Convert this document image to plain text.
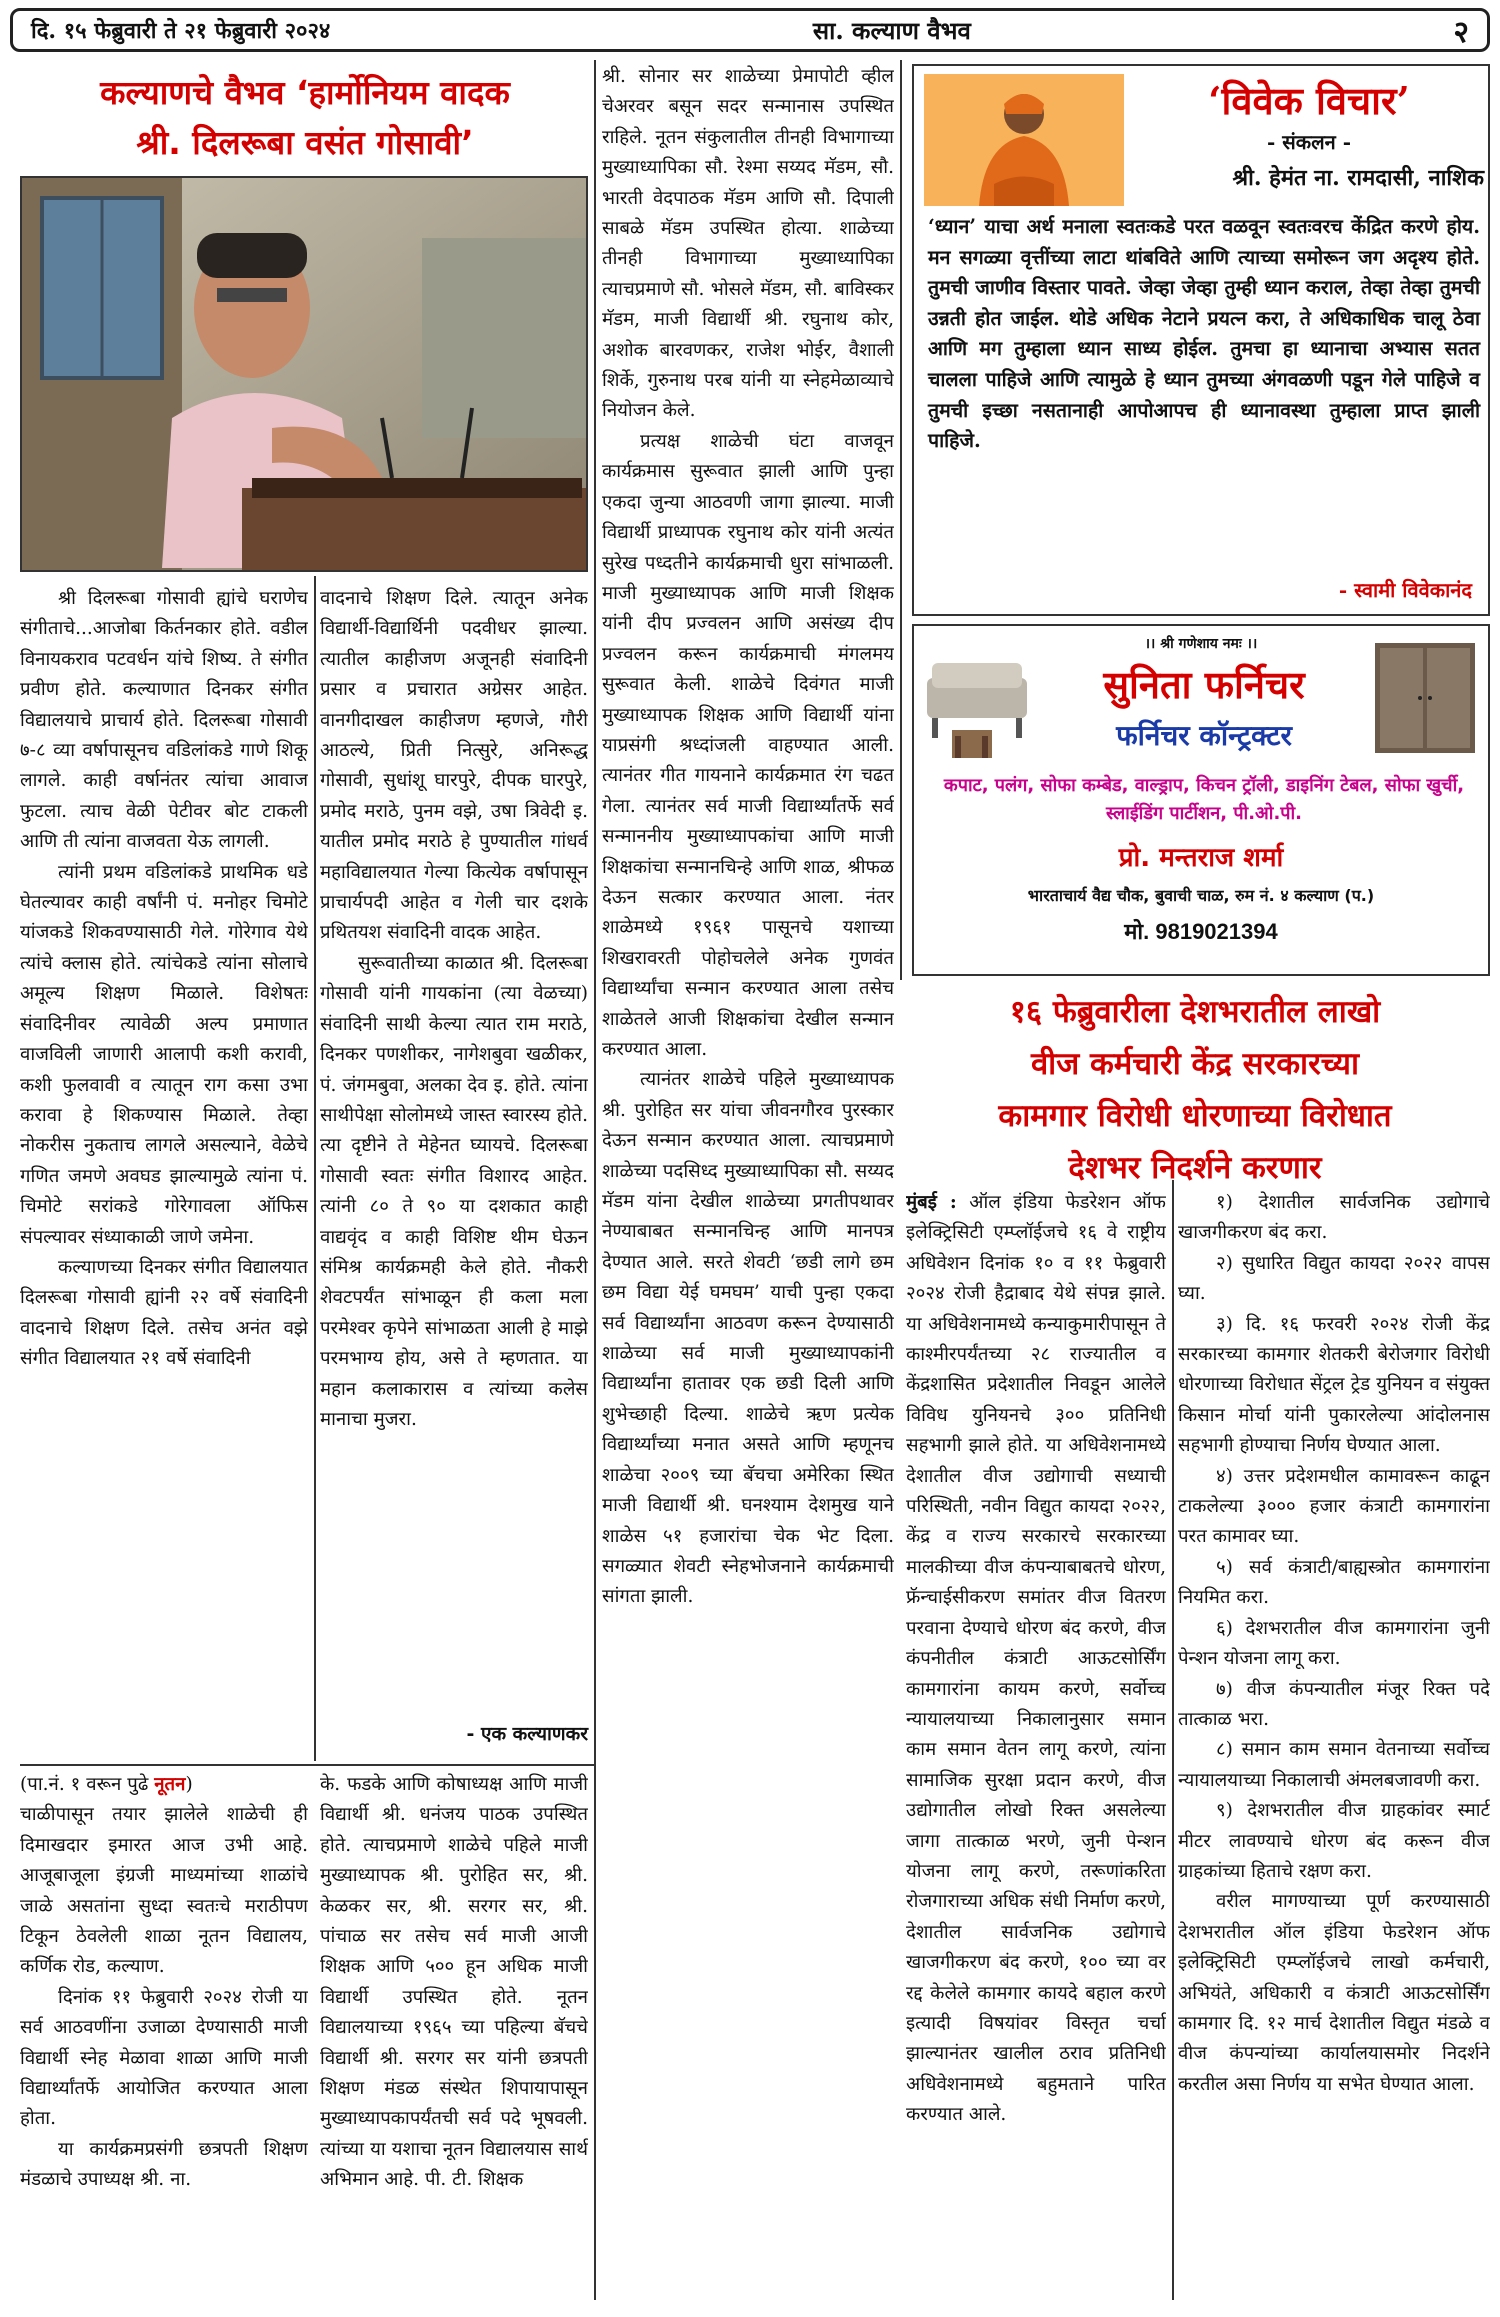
दि. १५ फेब्रुवारी ते २१ फेब्रुवारी २०२४	सा. कल्याण वैभव	२
कल्याणचे वैभव ‘हार्मोनियम वादक
श्री. दिलरूबा वसंत गोसावी’

श्री दिलरूबा गोसावी ह्यांचे घराणेच संगीताचे...आजोबा किर्तनकार होते. वडील विनायकराव पटवर्धन यांचे शिष्य. ते संगीत प्रवीण होते. कल्याणात दिनकर संगीत विद्यालयाचे प्राचार्य होते. दिलरूबा गोसावी ७-८ व्या वर्षापासूनच वडिलांकडे गाणे शिकू लागले. काही वर्षानंतर त्यांचा आवाज फुटला. त्याच वेळी पेटीवर बोट टाकली आणि ती त्यांना वाजवता येऊ लागली.

त्यांनी प्रथम वडिलांकडे प्राथमिक धडे घेतल्यावर काही वर्षांनी पं. मनोहर चिमोटे यांजकडे शिकवण्यासाठी गेले. गोरेगाव येथे त्यांचे क्लास होते. त्यांचेकडे त्यांना सोलाचे अमूल्य शिक्षण मिळाले. विशेषतः संवादिनीवर त्यावेळी अल्प प्रमाणात वाजविली जाणारी आलापी कशी करावी, कशी फुलवावी व त्यातून राग कसा उभा करावा हे शिकण्यास मिळाले. तेव्हा नोकरीस नुकताच लागले असल्याने, वेळेचे गणित जमणे अवघड झाल्यामुळे त्यांना पं. चिमोटे सरांकडे गोरेगावला ऑफिस संपल्यावर संध्याकाळी जाणे जमेना.

कल्याणच्या दिनकर संगीत विद्यालयात दिलरूबा गोसावी ह्यांनी २२ वर्षे संवादिनी वादनाचे शिक्षण दिले. तसेच अनंत वझे संगीत विद्यालयात २१ वर्षे संवादिनी

वादनाचे शिक्षण दिले. त्यातून अनेक विद्यार्थी-विद्यार्थिनी पदवीधर झाल्या. त्यातील काहीजण अजूनही संवादिनी प्रसार व प्रचारात अग्रेसर आहेत. वानगीदाखल काहीजण म्हणजे, गौरी आठल्ये, प्रिती नित्सुरे, अनिरूद्ध गोसावी, सुधांशू घारपुरे, दीपक घारपुरे, प्रमोद मराठे, पुनम वझे, उषा त्रिवेदी इ. यातील प्रमोद मराठे हे पुण्यातील गांधर्व महाविद्यालयात गेल्या कित्येक वर्षापासून प्राचार्यपदी आहेत व गेली चार दशके प्रथितयश संवादिनी वादक आहेत.

सुरूवातीच्या काळात श्री. दिलरूबा गोसावी यांनी गायकांना (त्या वेळच्या) संवादिनी साथी केल्या त्यात राम मराठे, दिनकर पणशीकर, नागेशबुवा खळीकर, पं. जंगमबुवा, अलका देव इ. होते. त्यांना साथीपेक्षा सोलोमध्ये जास्त स्वारस्य होते. त्या दृष्टीने ते मेहेनत घ्यायचे. दिलरूबा गोसावी स्वतः संगीत विशारद आहेत. त्यांनी ८० ते ९० या दशकात काही वाद्यवृंद व काही विशिष्ट थीम घेऊन संमिश्र कार्यक्रमही केले होते. नौकरी शेवटपर्यंत सांभाळून ही कला मला परमेश्वर कृपेने सांभाळता आली हे माझे परमभाग्य होय, असे ते म्हणतात. या महान कलाकारास व त्यांच्या कलेस मानाचा मुजरा.

- एक कल्याणकर

(पा.नं. १ वरून पुढे नूतन)

चाळीपासून तयार झालेले शाळेची ही दिमाखदार इमारत आज उभी आहे. आजूबाजूला इंग्रजी माध्यमांच्या शाळांचे जाळे असतांना सुध्दा स्वतःचे मराठीपण टिकून ठेवलेली शाळा नूतन विद्यालय, कर्णिक रोड, कल्याण.

दिनांक ११ फेब्रुवारी २०२४ रोजी या सर्व आठवणींना उजाळा देण्यासाठी माजी विद्यार्थी स्नेह मेळावा शाळा आणि माजी विद्यार्थ्यांतर्फे आयोजित करण्यात आला होता.

या कार्यक्रमप्रसंगी छत्रपती शिक्षण मंडळाचे उपाध्यक्ष श्री. ना.

के. फडके आणि कोषाध्यक्ष आणि माजी विद्यार्थी श्री. धनंजय पाठक उपस्थित होते. त्याचप्रमाणे शाळेचे पहिले माजी मुख्याध्यापक श्री. पुरोहित सर, श्री. केळकर सर, श्री. सरगर सर, श्री. पांचाळ सर तसेच सर्व माजी आजी शिक्षक आणि ५०० हून अधिक माजी विद्यार्थी उपस्थित होते. नूतन विद्यालयाच्या १९६५ च्या पहिल्या बॅचचे विद्यार्थी श्री. सरगर सर यांनी छत्रपती शिक्षण मंडळ संस्थेत शिपायापासून मुख्याध्यापकापर्यंतची सर्व पदे भूषवली. त्यांच्या या यशाचा नूतन विद्यालयास सार्थ अभिमान आहे. पी. टी. शिक्षक

श्री. सोनार सर शाळेच्या प्रेमापोटी व्हील चेअरवर बसून सदर सन्मानास उपस्थित राहिले. नूतन संकुलातील तीनही विभागाच्या मुख्याध्यापिका सौ. रेश्मा सय्यद मॅडम, सौ. भारती वेदपाठक मॅडम आणि सौ. दिपाली साबळे मॅडम उपस्थित होत्या. शाळेच्या तीनही विभागाच्या मुख्याध्यापिका त्याचप्रमाणे सौ. भोसले मॅडम, सौ. बाविस्कर मॅडम, माजी विद्यार्थी श्री. रघुनाथ कोर, अशोक बारवणकर, राजेश भोईर, वैशाली शिर्के, गुरुनाथ परब यांनी या स्नेहमेळाव्याचे नियोजन केले.

प्रत्यक्ष शाळेची घंटा वाजवून कार्यक्रमास सुरूवात झाली आणि पुन्हा एकदा जुन्या आठवणी जागा झाल्या. माजी विद्यार्थी प्राध्यापक रघुनाथ कोर यांनी अत्यंत सुरेख पध्दतीने कार्यक्रमाची धुरा सांभाळली. माजी मुख्याध्यापक आणि माजी शिक्षक यांनी दीप प्रज्वलन आणि असंख्य दीप प्रज्वलन करून कार्यक्रमाची मंगलमय सुरूवात केली. शाळेचे दिवंगत माजी मुख्याध्यापक शिक्षक आणि विद्यार्थी यांना याप्रसंगी श्रध्दांजली वाहण्यात आली. त्यानंतर गीत गायनाने कार्यक्रमात रंग चढत गेला. त्यानंतर सर्व माजी विद्यार्थ्यांतर्फे सर्व सन्माननीय मुख्याध्यापकांचा आणि माजी शिक्षकांचा सन्मानचिन्हे आणि शाळ, श्रीफळ देऊन सत्कार करण्यात आला. नंतर शाळेमध्ये १९६१ पासूनचे यशाच्या शिखरावरती पोहोचलेले अनेक गुणवंत विद्यार्थ्यांचा सन्मान करण्यात आला तसेच शाळेतले आजी शिक्षकांचा देखील सन्मान करण्यात आला.

त्यानंतर शाळेचे पहिले मुख्याध्यापक श्री. पुरोहित सर यांचा जीवनगौरव पुरस्कार देऊन सन्मान करण्यात आला. त्याचप्रमाणे शाळेच्या पदसिध्द मुख्याध्यापिका सौ. सय्यद मॅडम यांना देखील शाळेच्या प्रगतीपथावर नेण्याबाबत सन्मानचिन्ह आणि मानपत्र देण्यात आले. सरते शेवटी ‘छडी लागे छम छम विद्या येई घमघम’ याची पुन्हा एकदा सर्व विद्यार्थ्यांना आठवण करून देण्यासाठी शाळेच्या सर्व माजी मुख्याध्यापकांनी विद्यार्थ्यांना हातावर एक छडी दिली आणि शुभेच्छाही दिल्या. शाळेचे ऋण प्रत्येक विद्यार्थ्यांच्या मनात असते आणि म्हणूनच शाळेचा २००९ च्या बॅचचा अमेरिका स्थित माजी विद्यार्थी श्री. घनश्याम देशमुख याने शाळेस ५१ हजारांचा चेक भेट दिला. सगळ्यात शेवटी स्नेहभोजनाने कार्यक्रमाची सांगता झाली.

‘विवेक विचार’
- संकलन -
श्री. हेमंत ना. रामदासी, नाशिक
‘ध्यान’ याचा अर्थ मनाला स्वतःकडे परत वळवून स्वतःवरच केंद्रित करणे होय. मन सगळ्या वृत्तींच्या लाटा थांबविते आणि त्याच्या समोरून जग अदृश्य होते. तुमची जाणीव विस्तार पावते. जेव्हा जेव्हा तुम्ही ध्यान कराल, तेव्हा तेव्हा तुमची उन्नती होत जाईल. थोडे अधिक नेटाने प्रयत्न करा, ते अधिकाधिक चालू ठेवा आणि मग तुम्हाला ध्यान साध्य होईल. तुमचा हा ध्यानाचा अभ्यास सतत चालला पाहिजे आणि त्यामुळे हे ध्यान तुमच्या अंगवळणी पडून गेले पाहिजे व तुमची इच्छा नसतानाही आपोआपच ही ध्यानावस्था तुम्हाला प्राप्त झाली पाहिजे.
- स्वामी विवेकानंद
।। श्री गणेशाय नमः ।।
सुनिता फर्निचर
फर्निचर कॉन्ट्रक्टर
कपाट, पलंग, सोफा कम्बेड, वाल्ड्राप, किचन ट्रॉली, डाइनिंग टेबल, सोफा खुर्ची, स्लाईडिंग पार्टीशन, पी.ओ.पी.
प्रो. मन्तराज शर्मा
भारताचार्य वैद्य चौक, बुवाची चाळ, रुम नं. ४ कल्याण (प.)
मो. 9819021394
१६ फेब्रुवारीला देशभरातील लाखो
वीज कर्मचारी केंद्र सरकारच्या
कामगार विरोधी धोरणाच्या विरोधात
देशभर निदर्शने करणार

मुंबई : ऑल इंडिया फेडरेशन ऑफ इलेक्ट्रिसिटी एम्प्लॉईजचे १६ वे राष्ट्रीय अधिवेशन दिनांक १० व ११ फेब्रुवारी २०२४ रोजी हैद्राबाद येथे संपन्न झाले. या अधिवेशनामध्ये कन्याकुमारीपासून ते काश्मीरपर्यंतच्या २८ राज्यातील व केंद्रशासित प्रदेशातील निवडून आलेले विविध युनियनचे ३०० प्रतिनिधी सहभागी झाले होते. या अधिवेशनामध्ये देशातील वीज उद्योगाची सध्याची परिस्थिती, नवीन विद्युत कायदा २०२२, केंद्र व राज्य सरकारचे सरकारच्या मालकीच्या वीज कंपन्याबाबतचे धोरण, फ्रॅन्चाईसीकरण समांतर वीज वितरण परवाना देण्याचे धोरण बंद करणे, वीज कंपनीतील कंत्राटी आऊटसोर्सिंग कामगारांना कायम करणे, सर्वोच्च न्यायालयाच्या निकालानुसार समान काम समान वेतन लागू करणे, त्यांना सामाजिक सुरक्षा प्रदान करणे, वीज उद्योगातील लोखो रिक्त असलेल्या जागा तात्काळ भरणे, जुनी पेन्शन योजना लागू करणे, तरूणांकरिता रोजगाराच्या अधिक संधी निर्माण करणे, देशातील सार्वजनिक उद्योगाचे खाजगीकरण बंद करणे, १०० च्या वर रद्द केलेले कामगार कायदे बहाल करणे इत्यादी विषयांवर विस्तृत चर्चा झाल्यानंतर खालील ठराव प्रतिनिधी अधिवेशनामध्ये बहुमताने पारित करण्यात आले.

१) देशातील सार्वजनिक उद्योगाचे खाजगीकरण बंद करा.

२) सुधारित विद्युत कायदा २०२२ वापस घ्या.

३) दि. १६ फरवरी २०२४ रोजी केंद्र सरकारच्या कामगार शेतकरी बेरोजगार विरोधी धोरणाच्या विरोधात सेंट्रल ट्रेड युनियन व संयुक्त किसान मोर्चा यांनी पुकारलेल्या आंदोलनास सहभागी होण्याचा निर्णय घेण्यात आला.

४) उत्तर प्रदेशमधील कामावरून काढून टाकलेल्या ३००० हजार कंत्राटी कामगारांना परत कामावर घ्या.

५) सर्व कंत्राटी/बाह्यस्त्रोत कामगारांना नियमित करा.

६) देशभरातील वीज कामगारांना जुनी पेन्शन योजना लागू करा.

७) वीज कंपन्यातील मंजूर रिक्त पदे तात्काळ भरा.

८) समान काम समान वेतनाच्या सर्वोच्च न्यायालयाच्या निकालाची अंमलबजावणी करा.

९) देशभरातील वीज ग्राहकांवर स्मार्ट मीटर लावण्याचे धोरण बंद करून वीज ग्राहकांच्या हिताचे रक्षण करा.

वरील मागण्याच्या पूर्ण करण्यासाठी देशभरातील ऑल इंडिया फेडरेशन ऑफ इलेक्ट्रिसिटी एम्प्लॉईजचे लाखो कर्मचारी, अभियंते, अधिकारी व कंत्राटी आऊटसोर्सिंग कामगार दि. १२ मार्च देशातील विद्युत मंडळे व वीज कंपन्यांच्या कार्यालयासमोर निदर्शने करतील असा निर्णय या सभेत घेण्यात आला.
